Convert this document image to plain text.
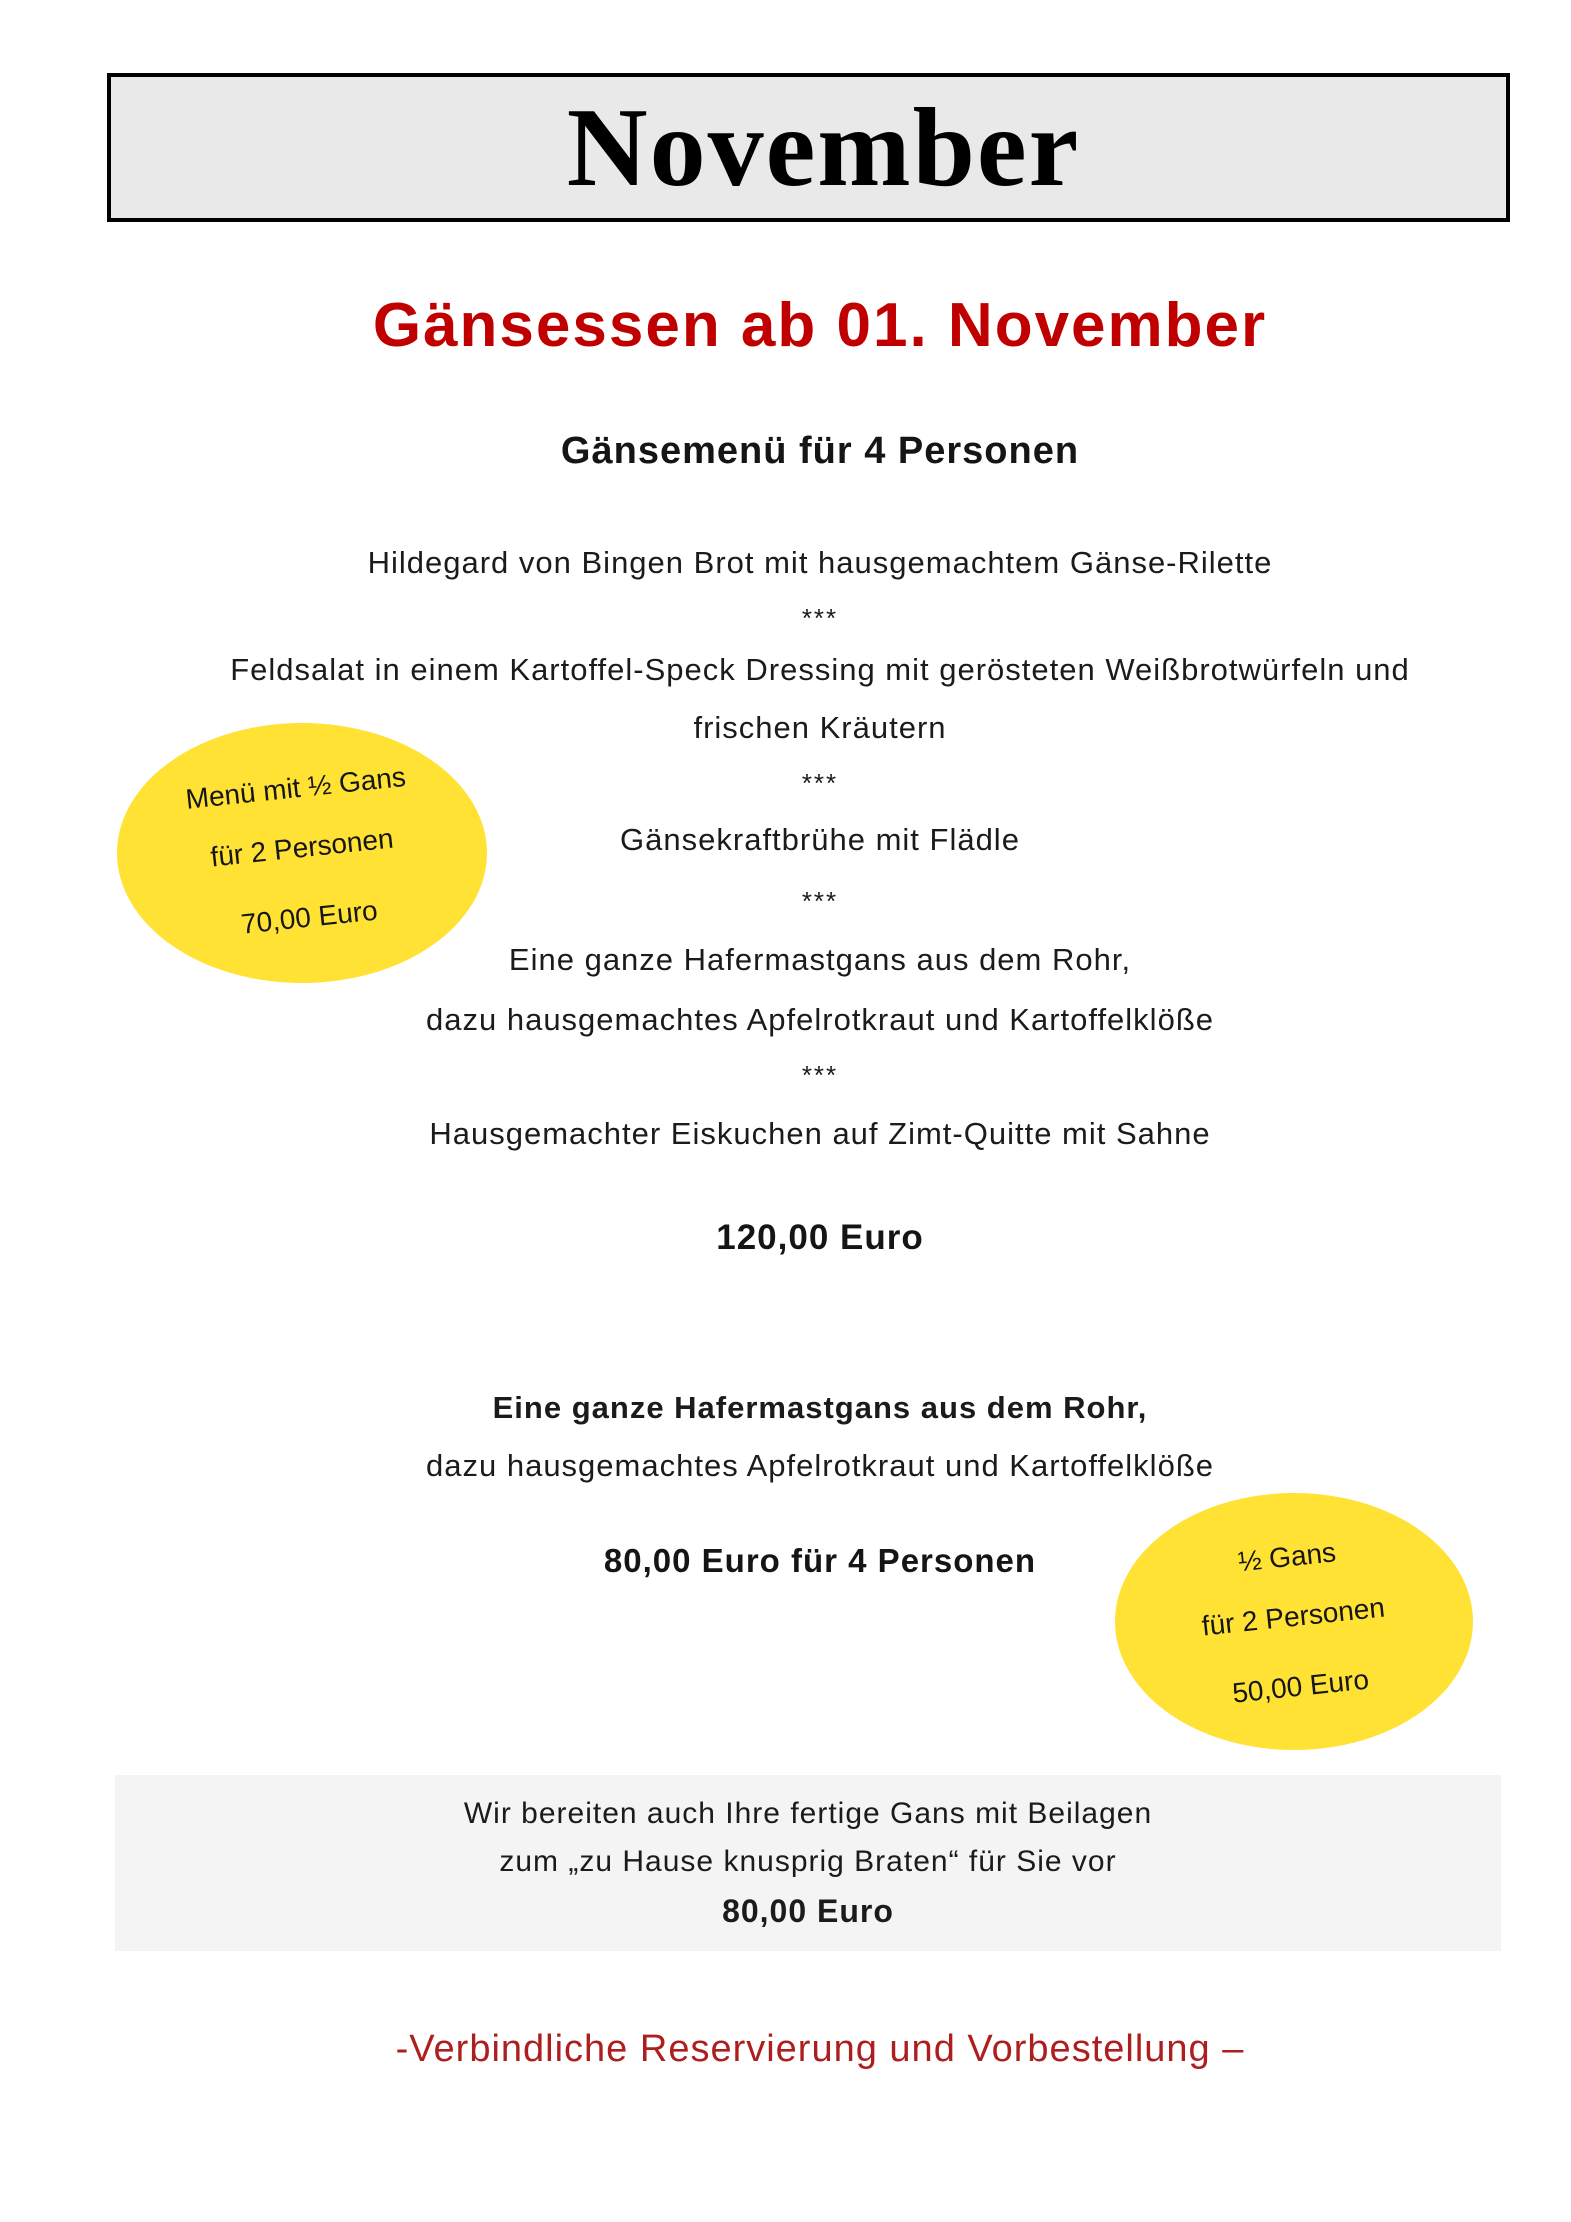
November
Gänsessen ab 01. November
Gänsemenü für 4 Personen
Hildegard von Bingen Brot mit hausgemachtem Gänse-Rilette
***
Feldsalat in einem Kartoffel-Speck Dressing mit gerösteten Weißbrotwürfeln und
frischen Kräutern
***
Gänsekraftbrühe mit Flädle
***
Eine ganze Hafermastgans aus dem Rohr,
dazu hausgemachtes Apfelrotkraut und Kartoffelklöße
***
Hausgemachter Eiskuchen auf Zimt-Quitte mit Sahne
120,00 Euro
Menü mit ½ Gans
für 2 Personen
70,00 Euro
Eine ganze Hafermastgans aus dem Rohr,
dazu hausgemachtes Apfelrotkraut und Kartoffelklöße
80,00 Euro für 4 Personen	½ Gans
für 2 Personen
50,00 Euro
Wir bereiten auch Ihre fertige Gans mit Beilagen
zum „zu Hause knusprig Braten“ für Sie vor
80,00 Euro
-Verbindliche Reservierung und Vorbestellung –
